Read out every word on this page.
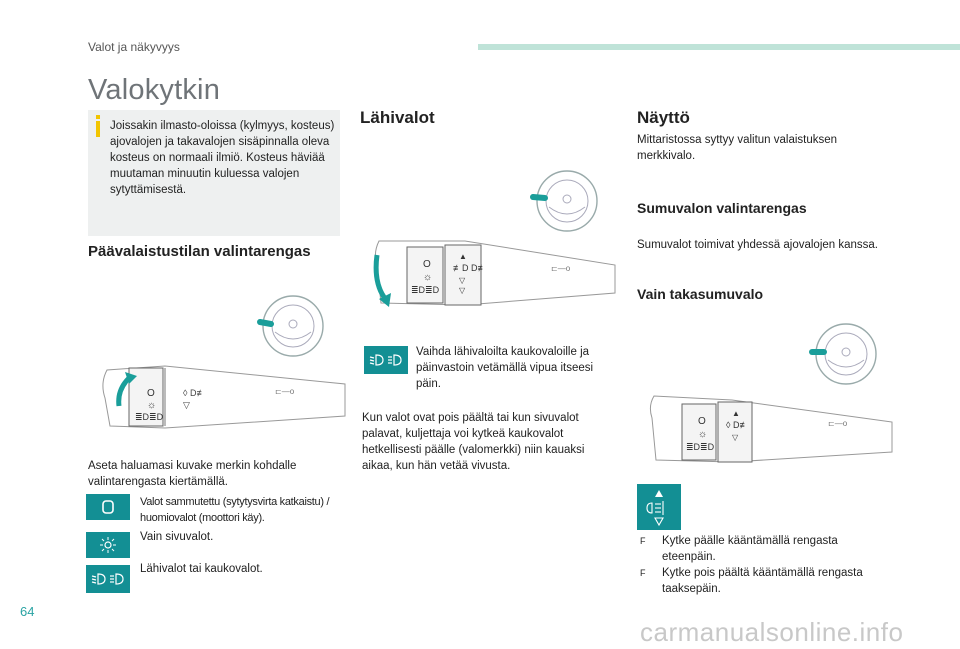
Valot ja näkyvyys
Valokytkin
Joissakin ilmasto-oloissa (kylmyys, kosteus) ajovalojen ja takavalojen sisäpinnalla oleva kosteus on normaali ilmiö. Kosteus häviää muutaman minuutin kuluessa valojen sytyttämisestä.
Päävalaistustilan valintarengas
O
☼
≣D≣D
◊ D≢
▽
⊏—o
Aseta haluamasi kuvake merkin kohdalle valintarengasta kiertämällä.
Valot sammutettu (sytytysvirta katkaistu) / huomiovalot (moottori käy).
Vain sivuvalot.
Lähivalot tai kaukovalot.
Lähivalot
O
☼
≣D≣D
▲
≢D D≢
▽
▽
⊏—o
Vaihda lähivaloilta kaukovaloille ja päinvastoin vetämällä vipua itseesi päin.
Kun valot ovat pois päältä tai kun sivuvalot palavat, kuljettaja voi kytkeä kaukovalot hetkellisesti päälle (valomerkki) niin kauaksi aikaa, kun hän vetää vivusta.
Näyttö
Mittaristossa syttyy valitun valaistuksen merkkivalo.
Sumuvalon valintarengas
Sumuvalot toimivat yhdessä ajovalojen kanssa.
Vain takasumuvalo
O
☼
≣D≣D
▲
◊ D≢
▽
⊏—o
F Kytke päälle kääntämällä rengasta eteenpäin.
F Kytke pois päältä kääntämällä rengasta taaksepäin.
64
carmanualsonline.info
